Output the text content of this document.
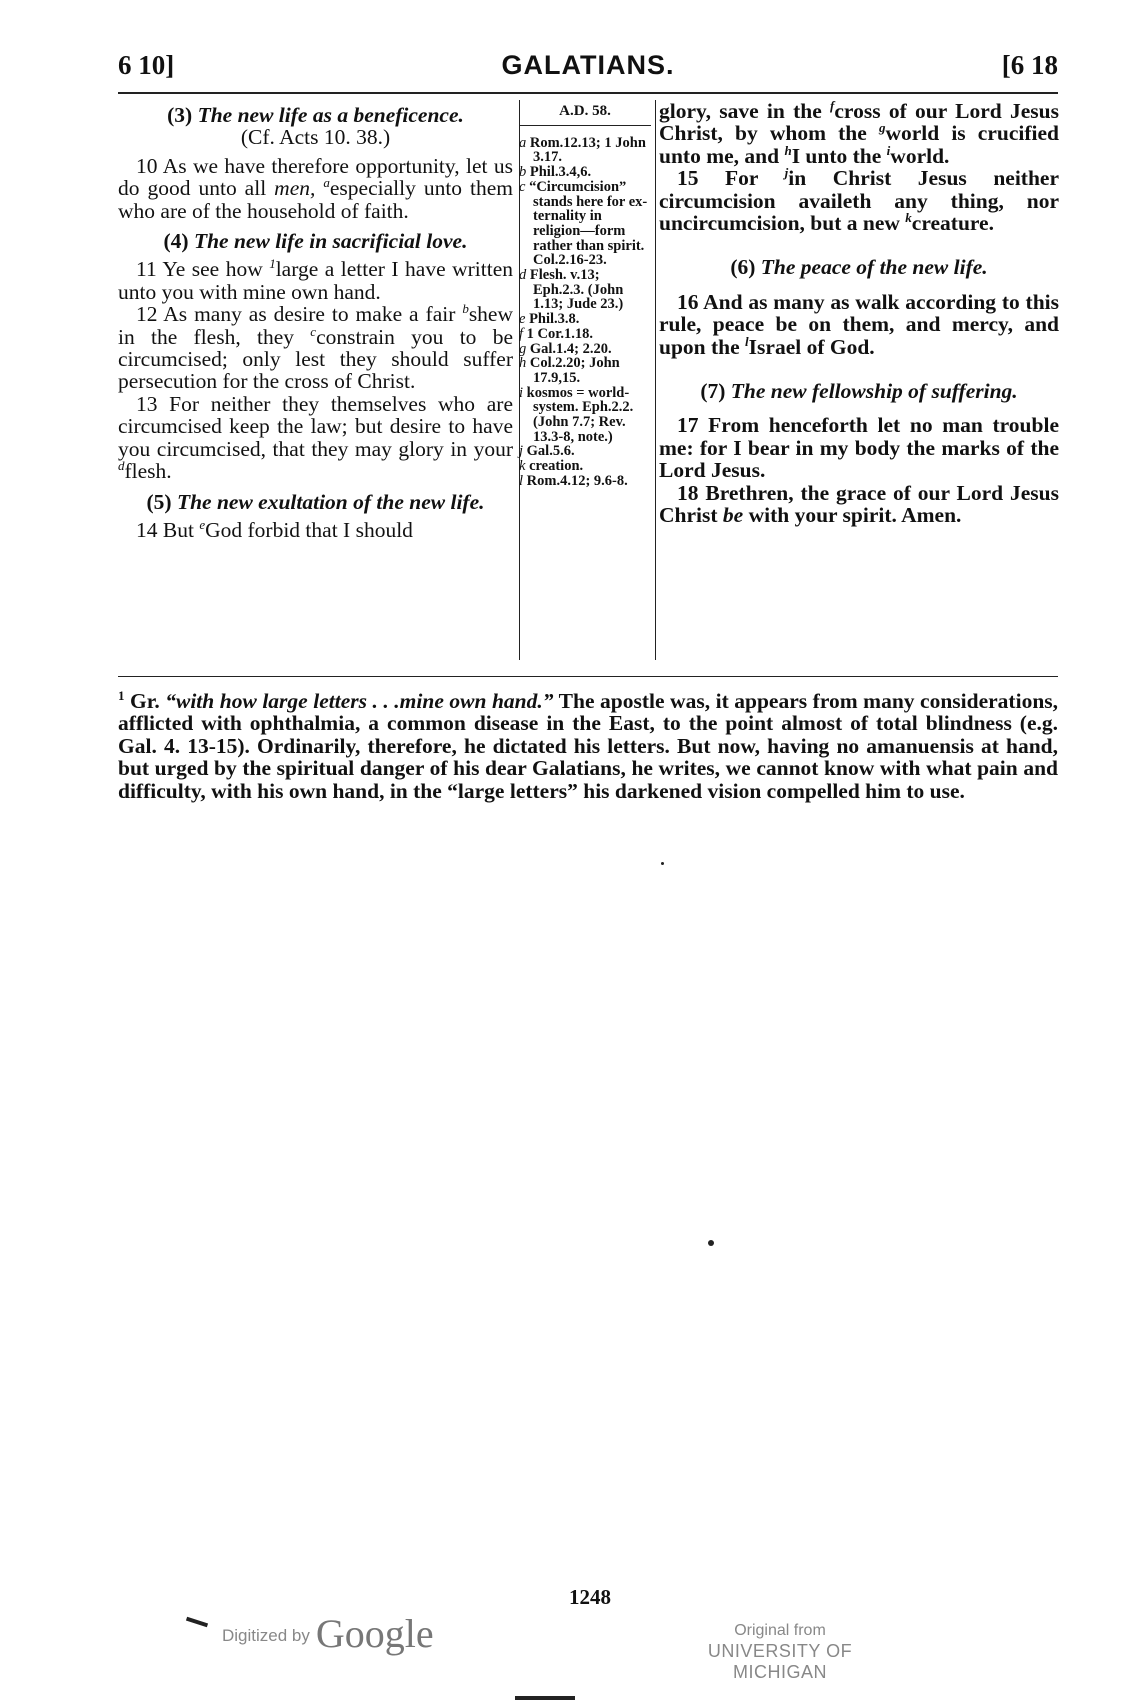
6 10]	GALATIANS.	[6 18
(3) The new life as a beneficence.
(Cf. Acts 10. 38.)

10 As we have therefore opportunity, let us do good unto all men, $^a$especially unto them who are of the household of faith.

(4) The new life in sacrificial love.

11 Ye see how $^1$large a letter I have written unto you with mine own hand.

12 As many as desire to make a fair $^b$shew in the flesh, they $^c$constrain you to be circumcised; only lest they should suffer persecution for the cross of Christ.

13 For neither they themselves who are circumcised keep the law; but desire to have you circumcised, that they may glory in your $^d$flesh.

(5) The new exultation of the new life.

14 But $^e$God forbid that I should

A.D. 58.

a Rom.12.13; 1 John 3.17.

b Phil.3.4,6.

c “Circumcision” stands here for externality in religion—form rather than spirit. Col.2.16-23.

d Flesh. v.13; Eph.2.3. (John 1.13; Jude 23.)

e Phil.3.8.

f 1 Cor.1.18.

g Gal.1.4; 2.20.

h Col.2.20; John 17.9,15.

i kosmos = world-system. Eph.2.2. (John 7.7; Rev. 13.3-8, note.)

j Gal.5.6.

k creation.

l Rom.4.12; 9.6-8.

glory, save in the $^f$cross of our Lord Jesus Christ, by whom the $^g$world is crucified unto me, and $^h$I unto the $^i$world.

15 For $^j$in Christ Jesus neither circumcision availeth any thing, nor uncircumcision, but a new $^k$creature.

(6) The peace of the new life.

16 And as many as walk according to this rule, peace be on them, and mercy, and upon the $^l$Israel of God.

(7) The new fellowship of suffering.

17 From henceforth let no man trouble me: for I bear in my body the marks of the Lord Jesus.

18 Brethren, the grace of our Lord Jesus Christ be with your spirit. Amen.

$^1$ Gr. “with how large letters . . .mine own hand.” The apostle was, it appears from many considerations, afflicted with ophthalmia, a common disease in the East, to the point almost of total blindness (e.g. Gal. 4. 13-15). Ordinarily, therefore, he dictated his letters. But now, having no amanuensis at hand, but urged by the spiritual danger of his dear Galatians, he writes, we cannot know with what pain and difficulty, with his own hand, in the “large letters” his darkened vision compelled him to use.
1248
Digitized by Google	Original from
UNIVERSITY OF MICHIGAN
